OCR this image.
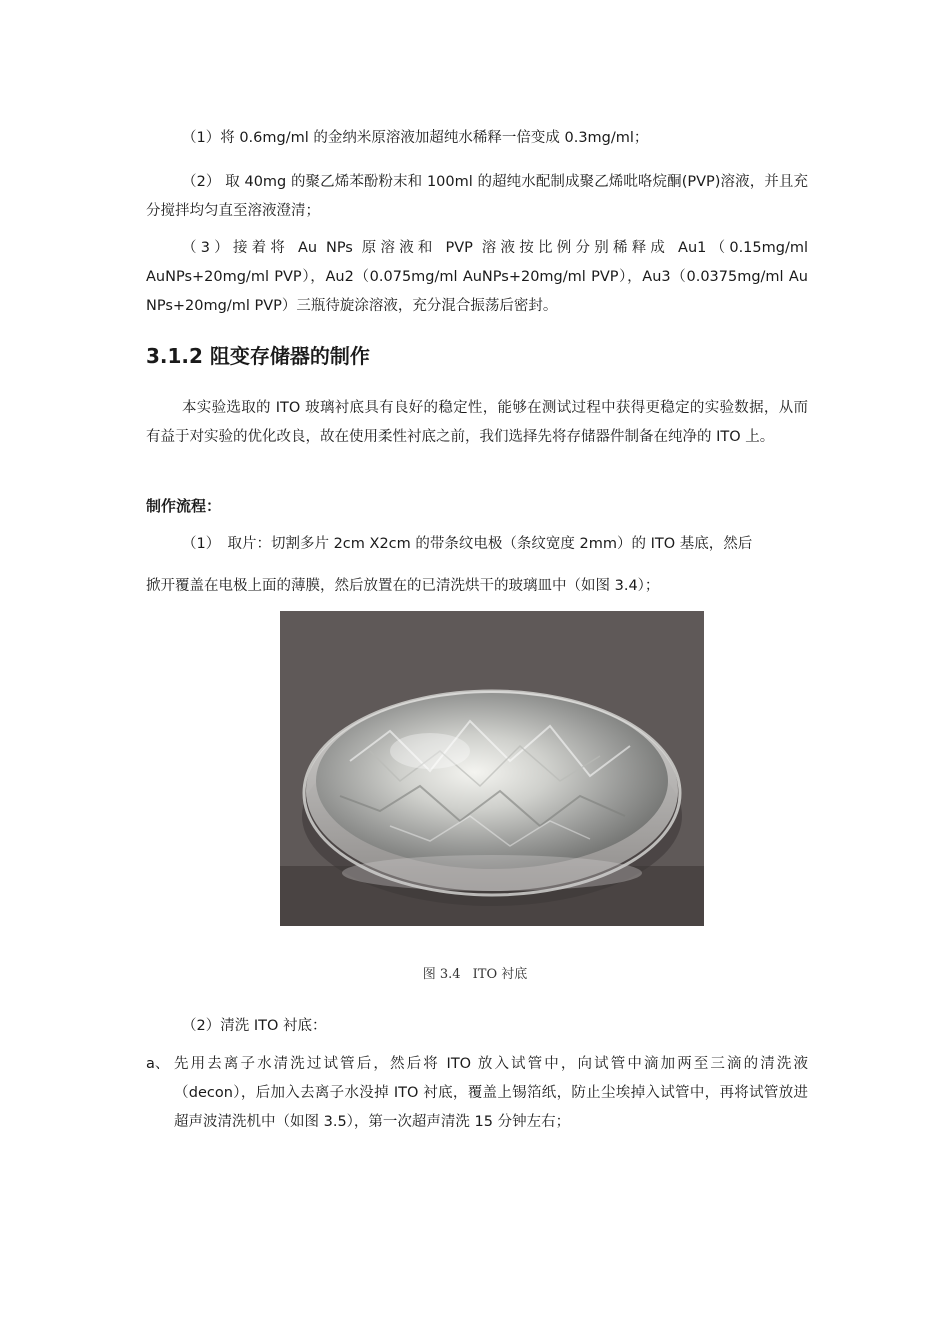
（1）将 0.6mg/ml 的金纳米原溶液加超纯水稀释一倍变成 0.3mg/ml；

（2） 取 40mg 的聚乙烯苯酚粉末和 100ml 的超纯水配制成聚乙烯吡咯烷酮(PVP)溶液，并且充分搅拌均匀直至溶液澄清；

（3）接着将 Au NPs 原溶液和 PVP 溶液按比例分别稀释成 Au1（0.15mg/ml AuNPs+20mg/ml PVP），Au2（0.075mg/ml AuNPs+20mg/ml PVP），Au3（0.0375mg/ml Au NPs+20mg/ml PVP）三瓶待旋涂溶液，充分混合振荡后密封。

3.1.2 阻变存储器的制作

本实验选取的 ITO 玻璃衬底具有良好的稳定性，能够在测试过程中获得更稳定的实验数据，从而有益于对实验的优化改良，故在使用柔性衬底之前，我们选择先将存储器件制备在纯净的 ITO 上。

制作流程：

（1）　取片：切割多片 2cm X2cm 的带条纹电极（条纹宽度 2mm）的 ITO 基底，然后

掀开覆盖在电极上面的薄膜，然后放置在的已清洗烘干的玻璃皿中（如图 3.4）；

图 3.4 ITO 衬底

（2）清洗 ITO 衬底：

a、 先用去离子水清洗过试管后，然后将 ITO 放入试管中，向试管中滴加两至三滴的清洗液（decon），后加入去离子水没掉 ITO 衬底，覆盖上锡箔纸，防止尘埃掉入试管中，再将试管放进超声波清洗机中（如图 3.5），第一次超声清洗 15 分钟左右；
